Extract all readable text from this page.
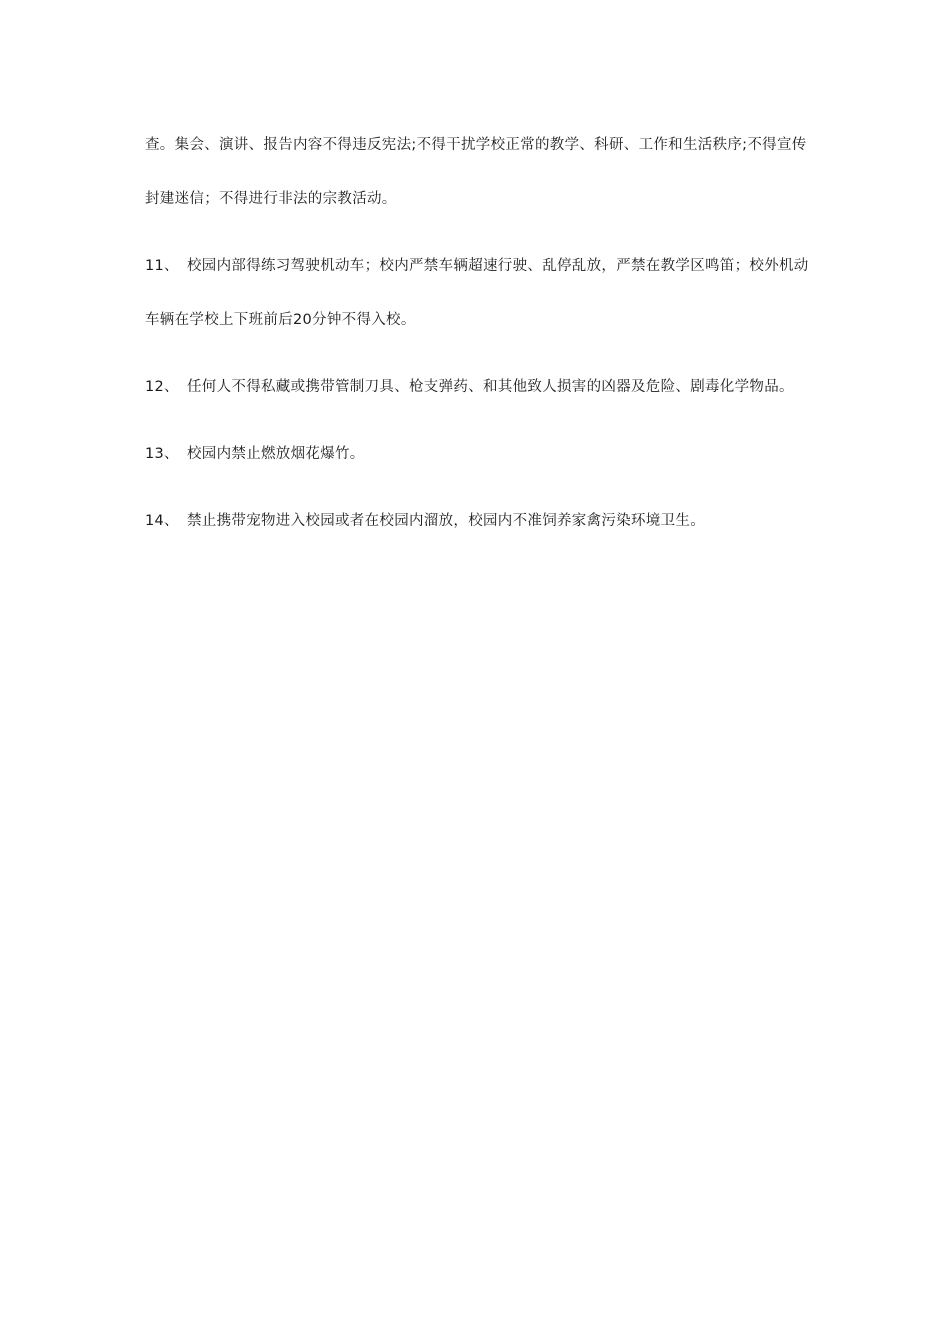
查。集会、演讲、报告内容不得违反宪法;不得干扰学校正常的教学、科研、工作和生活秩序;不得宣传封建迷信；不得进行非法的宗教活动。

11、 校园内部得练习驾驶机动车；校内严禁车辆超速行驶、乱停乱放，严禁在教学区鸣笛；校外机动车辆在学校上下班前后20分钟不得入校。

12、 任何人不得私藏或携带管制刀具、枪支弹药、和其他致人损害的凶器及危险、剧毒化学物品。

13、 校园内禁止燃放烟花爆竹。

14、 禁止携带宠物进入校园或者在校园内溜放，校园内不准饲养家禽污染环境卫生。
